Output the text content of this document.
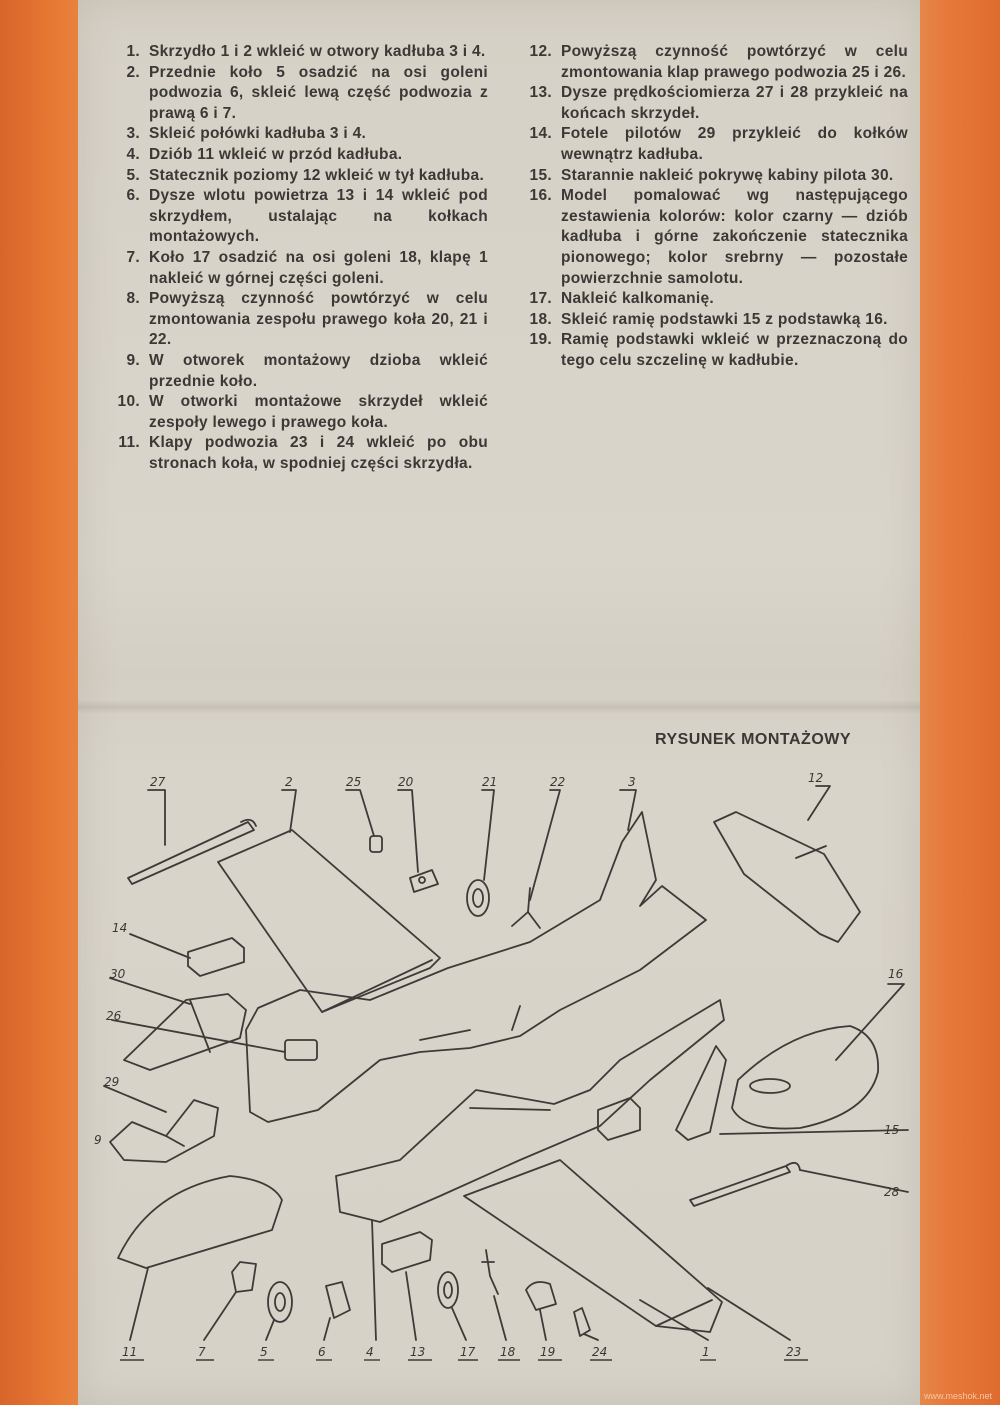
1. Skrzydło 1 i 2 wkleić w otwory kadłuba 3 i 4.
2. Przednie koło 5 osadzić na osi goleni podwozia 6, skleić lewą część podwozia z prawą 6 i 7.
3. Skleić połówki kadłuba 3 i 4.
4. Dziób 11 wkleić w przód kadłuba.
5. Statecznik poziomy 12 wkleić w tył kadłuba.
6. Dysze wlotu powietrza 13 i 14 wkleić pod skrzydłem, ustalając na kołkach montażowych.
7. Koło 17 osadzić na osi goleni 18, klapę 1 nakleić w górnej części goleni.
8. Powyższą czynność powtórzyć w celu zmontowania zespołu prawego koła 20, 21 i 22.
9. W otworek montażowy dzioba wkleić przednie koło.
10. W otworki montażowe skrzydeł wkleić zespoły lewego i prawego koła.
11. Klapy podwozia 23 i 24 wkleić po obu stronach koła, w spodniej części skrzydła.
12. Powyższą czynność powtórzyć w celu zmontowania klap prawego podwozia 25 i 26.
13. Dysze prędkościomierza 27 i 28 przykleić na końcach skrzydeł.
14. Fotele pilotów 29 przykleić do kołków wewnątrz kadłuba.
15. Starannie nakleić pokrywę kabiny pilota 30.
16. Model pomalować wg następującego zestawienia kolorów: kolor czarny — dziób kadłuba i górne zakończenie statecznika pionowego; kolor srebrny — pozostałe powierzchnie samolotu.
17. Nakleić kalkomanię.
18. Skleić ramię podstawki 15 z podstawką 16.
19. Ramię podstawki wkleić w przeznaczoną do tego celu szczelinę w kadłubie.
RYSUNEK MONTAŻOWY
27	2	25	20	21	22	3	12
14
30
26
29
9
16
15
28
11	7	5	6	4	13	17 18 19	24	1	23
www.meshok.net
